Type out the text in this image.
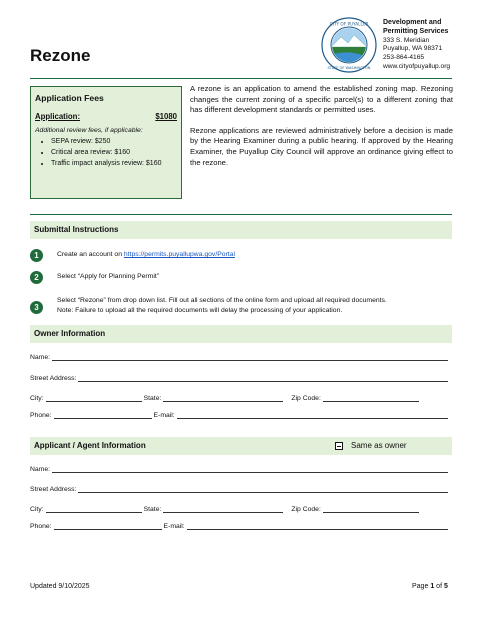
Rezone
CITY OF PUYALLUP
STATE OF WASHINGTON
Development and
Permitting Services
333 S. Meridian
Puyallup, WA 98371
253-864-4165
www.cityofpuyallup.org
Application Fees
Application:	$1080
Additional review fees, if applicable:
• SEPA review: $250
• Critical area review: $160
• Traffic impact analysis review: $160

A rezone is an application to amend the established zoning map. Rezoning changes the current zoning of a specific parcel(s) to a different zoning that has different development standards or permitted uses.

Rezone applications are reviewed administratively before a decision is made by the Hearing Examiner during a public hearing. If approved by the Hearing Examiner, the Puyallup City Council will approve an ordinance giving effect to the rezone.

Submittal Instructions
1	Create an account on https://permits.puyallupwa.gov/Portal
2	Select “Apply for Planning Permit”
3
Select “Rezone” from drop down list. Fill out all sections of the online form and upload all required documents.
Note: Failure to upload all the required documents will delay the processing of your application.
Owner Information
Name:
Street Address:
City:	State:	Zip Code:
Phone:	E-mail:
Applicant / Agent Information	Same as owner
Name:
Street Address:
City:	State:	Zip Code:
Phone:	E-mail:
Updated 9/10/2025	Page 1 of 5
